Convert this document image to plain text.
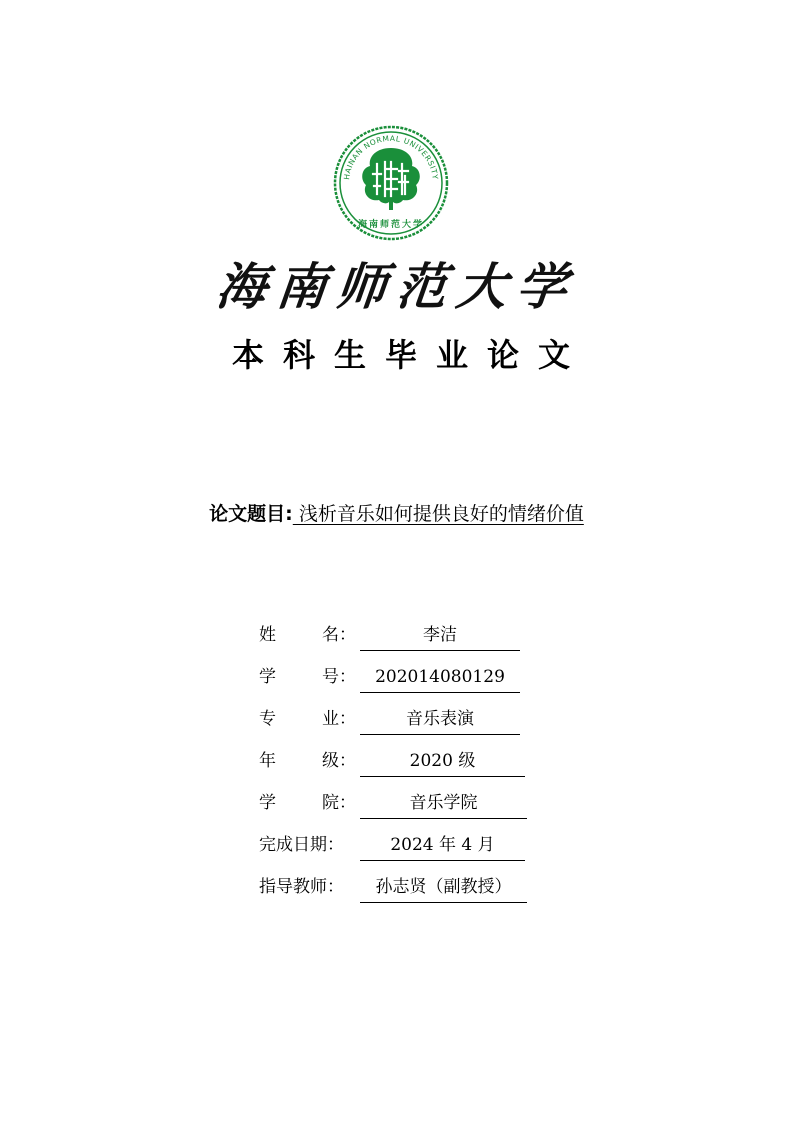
HAINAN NORMAL UNIVERSITY
海南师范大学
海南师范大学
本科生毕业论文
论文题目: 浅析音乐如何提供良好的情绪价值
姓 名：	李洁
学 号：	202014080129
专 业：	音乐表演
年 级：	2020 级
学 院：	音乐学院
完成日期：	2024 年 4 月
指导教师：	孙志贤（副教授）
